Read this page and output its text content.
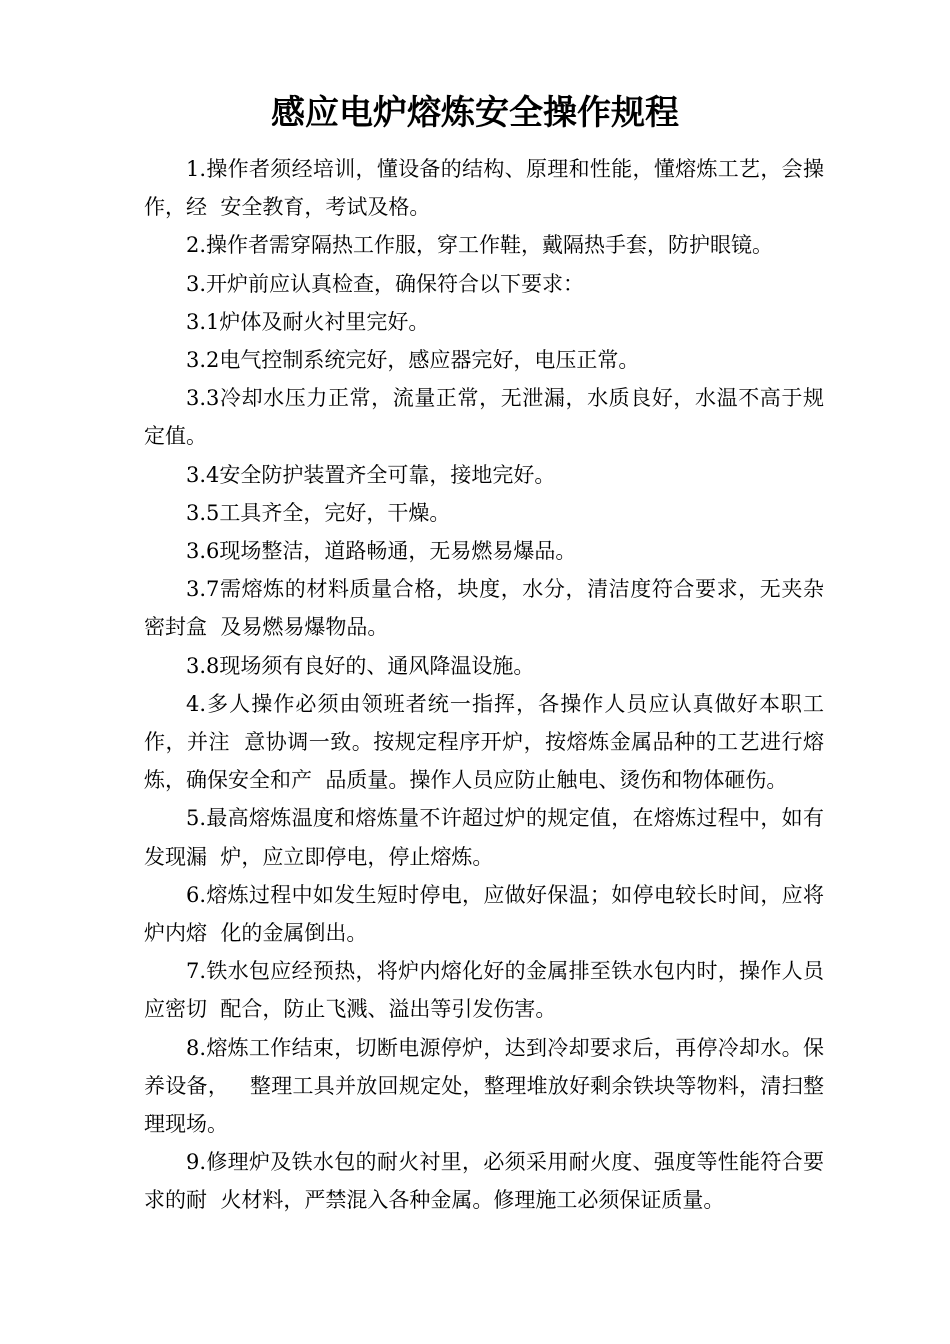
感应电炉熔炼安全操作规程

1.操作者须经培训，懂设备的结构、原理和性能，懂熔炼工艺，会操作，经  安全教育，考试及格。

2.操作者需穿隔热工作服，穿工作鞋，戴隔热手套，防护眼镜。

3.开炉前应认真检查，确保符合以下要求：

3.1炉体及耐火衬里完好。

3.2电气控制系统完好，感应器完好，电压正常。

3.3冷却水压力正常，流量正常，无泄漏，水质良好，水温不高于规定值。

3.4安全防护装置齐全可靠，接地完好。

3.5工具齐全，完好，干燥。

3.6现场整洁，道路畅通，无易燃易爆品。

3.7需熔炼的材料质量合格，块度，水分，清洁度符合要求，无夹杂密封盒  及易燃易爆物品。

3.8现场须有良好的、通风降温设施。

4.多人操作必须由领班者统一指挥，各操作人员应认真做好本职工作，并注  意协调一致。按规定程序开炉，按熔炼金属品种的工艺进行熔炼，确保安全和产  品质量。操作人员应防止触电、烫伤和物体砸伤。

5.最高熔炼温度和熔炼量不许超过炉的规定值，在熔炼过程中，如有发现漏  炉，应立即停电，停止熔炼。

6.熔炼过程中如发生短时停电，应做好保温；如停电较长时间，应将炉内熔  化的金属倒出。

7.铁水包应经预热，将炉内熔化好的金属排至铁水包内时，操作人员应密切  配合，防止飞溅、溢出等引发伤害。

8.熔炼工作结束，切断电源停炉，达到冷却要求后，再停冷却水。保养设备，   整理工具并放回规定处，整理堆放好剩余铁块等物料，清扫整理现场。

9.修理炉及铁水包的耐火衬里，必须采用耐火度、强度等性能符合要求的耐  火材料，严禁混入各种金属。修理施工必须保证质量。
